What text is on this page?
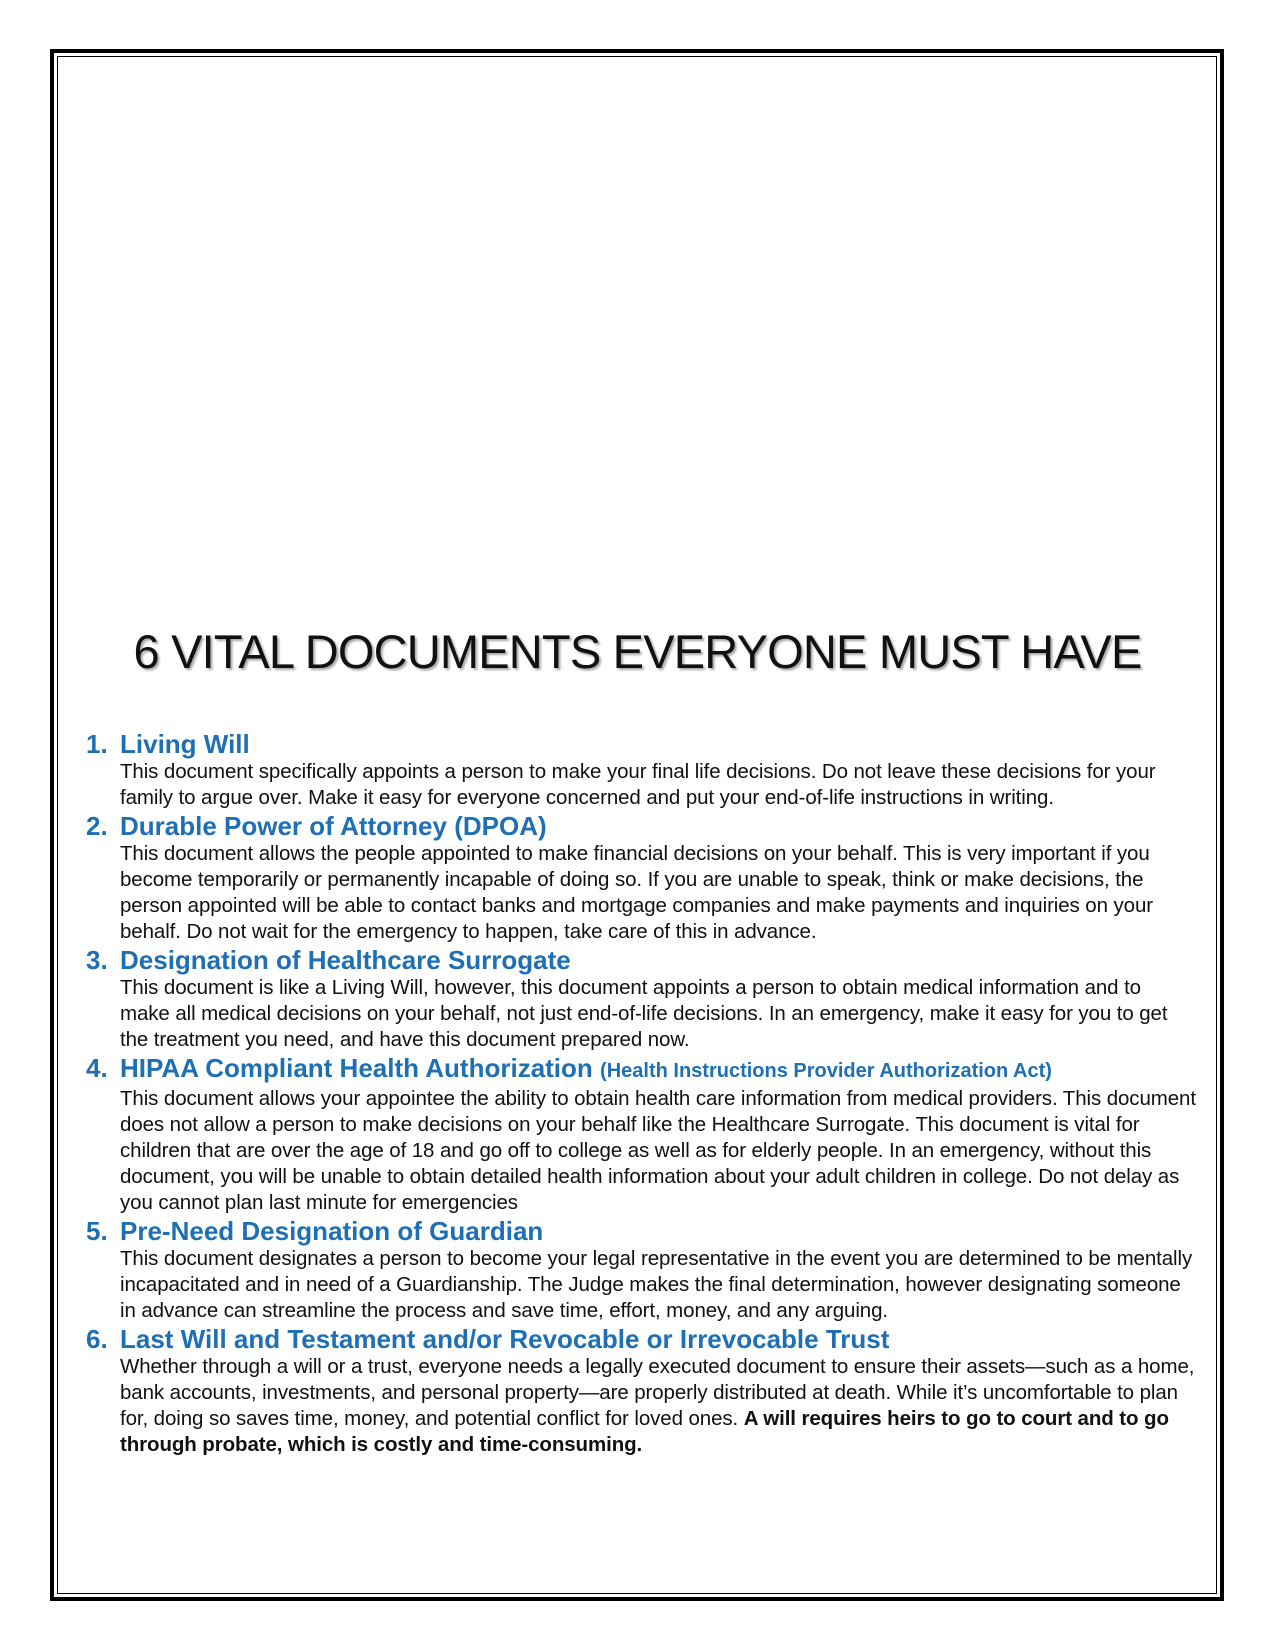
6 VITAL DOCUMENTS EVERYONE MUST HAVE
1. Living Will
This document specifically appoints a person to make your final life decisions. Do not leave these decisions for your family to argue over. Make it easy for everyone concerned and put your end-of-life instructions in writing.
2. Durable Power of Attorney (DPOA)
This document allows the people appointed to make financial decisions on your behalf. This is very important if you become temporarily or permanently incapable of doing so. If you are unable to speak, think or make decisions, the person appointed will be able to contact banks and mortgage companies and make payments and inquiries on your behalf. Do not wait for the emergency to happen, take care of this in advance.
3. Designation of Healthcare Surrogate
This document is like a Living Will, however, this document appoints a person to obtain medical information and to make all medical decisions on your behalf, not just end-of-life decisions. In an emergency, make it easy for you to get the treatment you need, and have this document prepared now.
4. HIPAA Compliant Health Authorization (Health Instructions Provider Authorization Act)
This document allows your appointee the ability to obtain health care information from medical providers. This document does not allow a person to make decisions on your behalf like the Healthcare Surrogate. This document is vital for children that are over the age of 18 and go off to college as well as for elderly people. In an emergency, without this document, you will be unable to obtain detailed health information about your adult children in college. Do not delay as you cannot plan last minute for emergencies
5. Pre-Need Designation of Guardian
This document designates a person to become your legal representative in the event you are determined to be mentally incapacitated and in need of a Guardianship. The Judge makes the final determination, however designating someone in advance can streamline the process and save time, effort, money, and any arguing.
6. Last Will and Testament and/or Revocable or Irrevocable Trust
Whether through a will or a trust, everyone needs a legally executed document to ensure their assets—such as a home, bank accounts, investments, and personal property—are properly distributed at death. While it’s uncomfortable to plan for, doing so saves time, money, and potential conflict for loved ones. A will requires heirs to go to court and to go through probate, which is costly and time-consuming.
